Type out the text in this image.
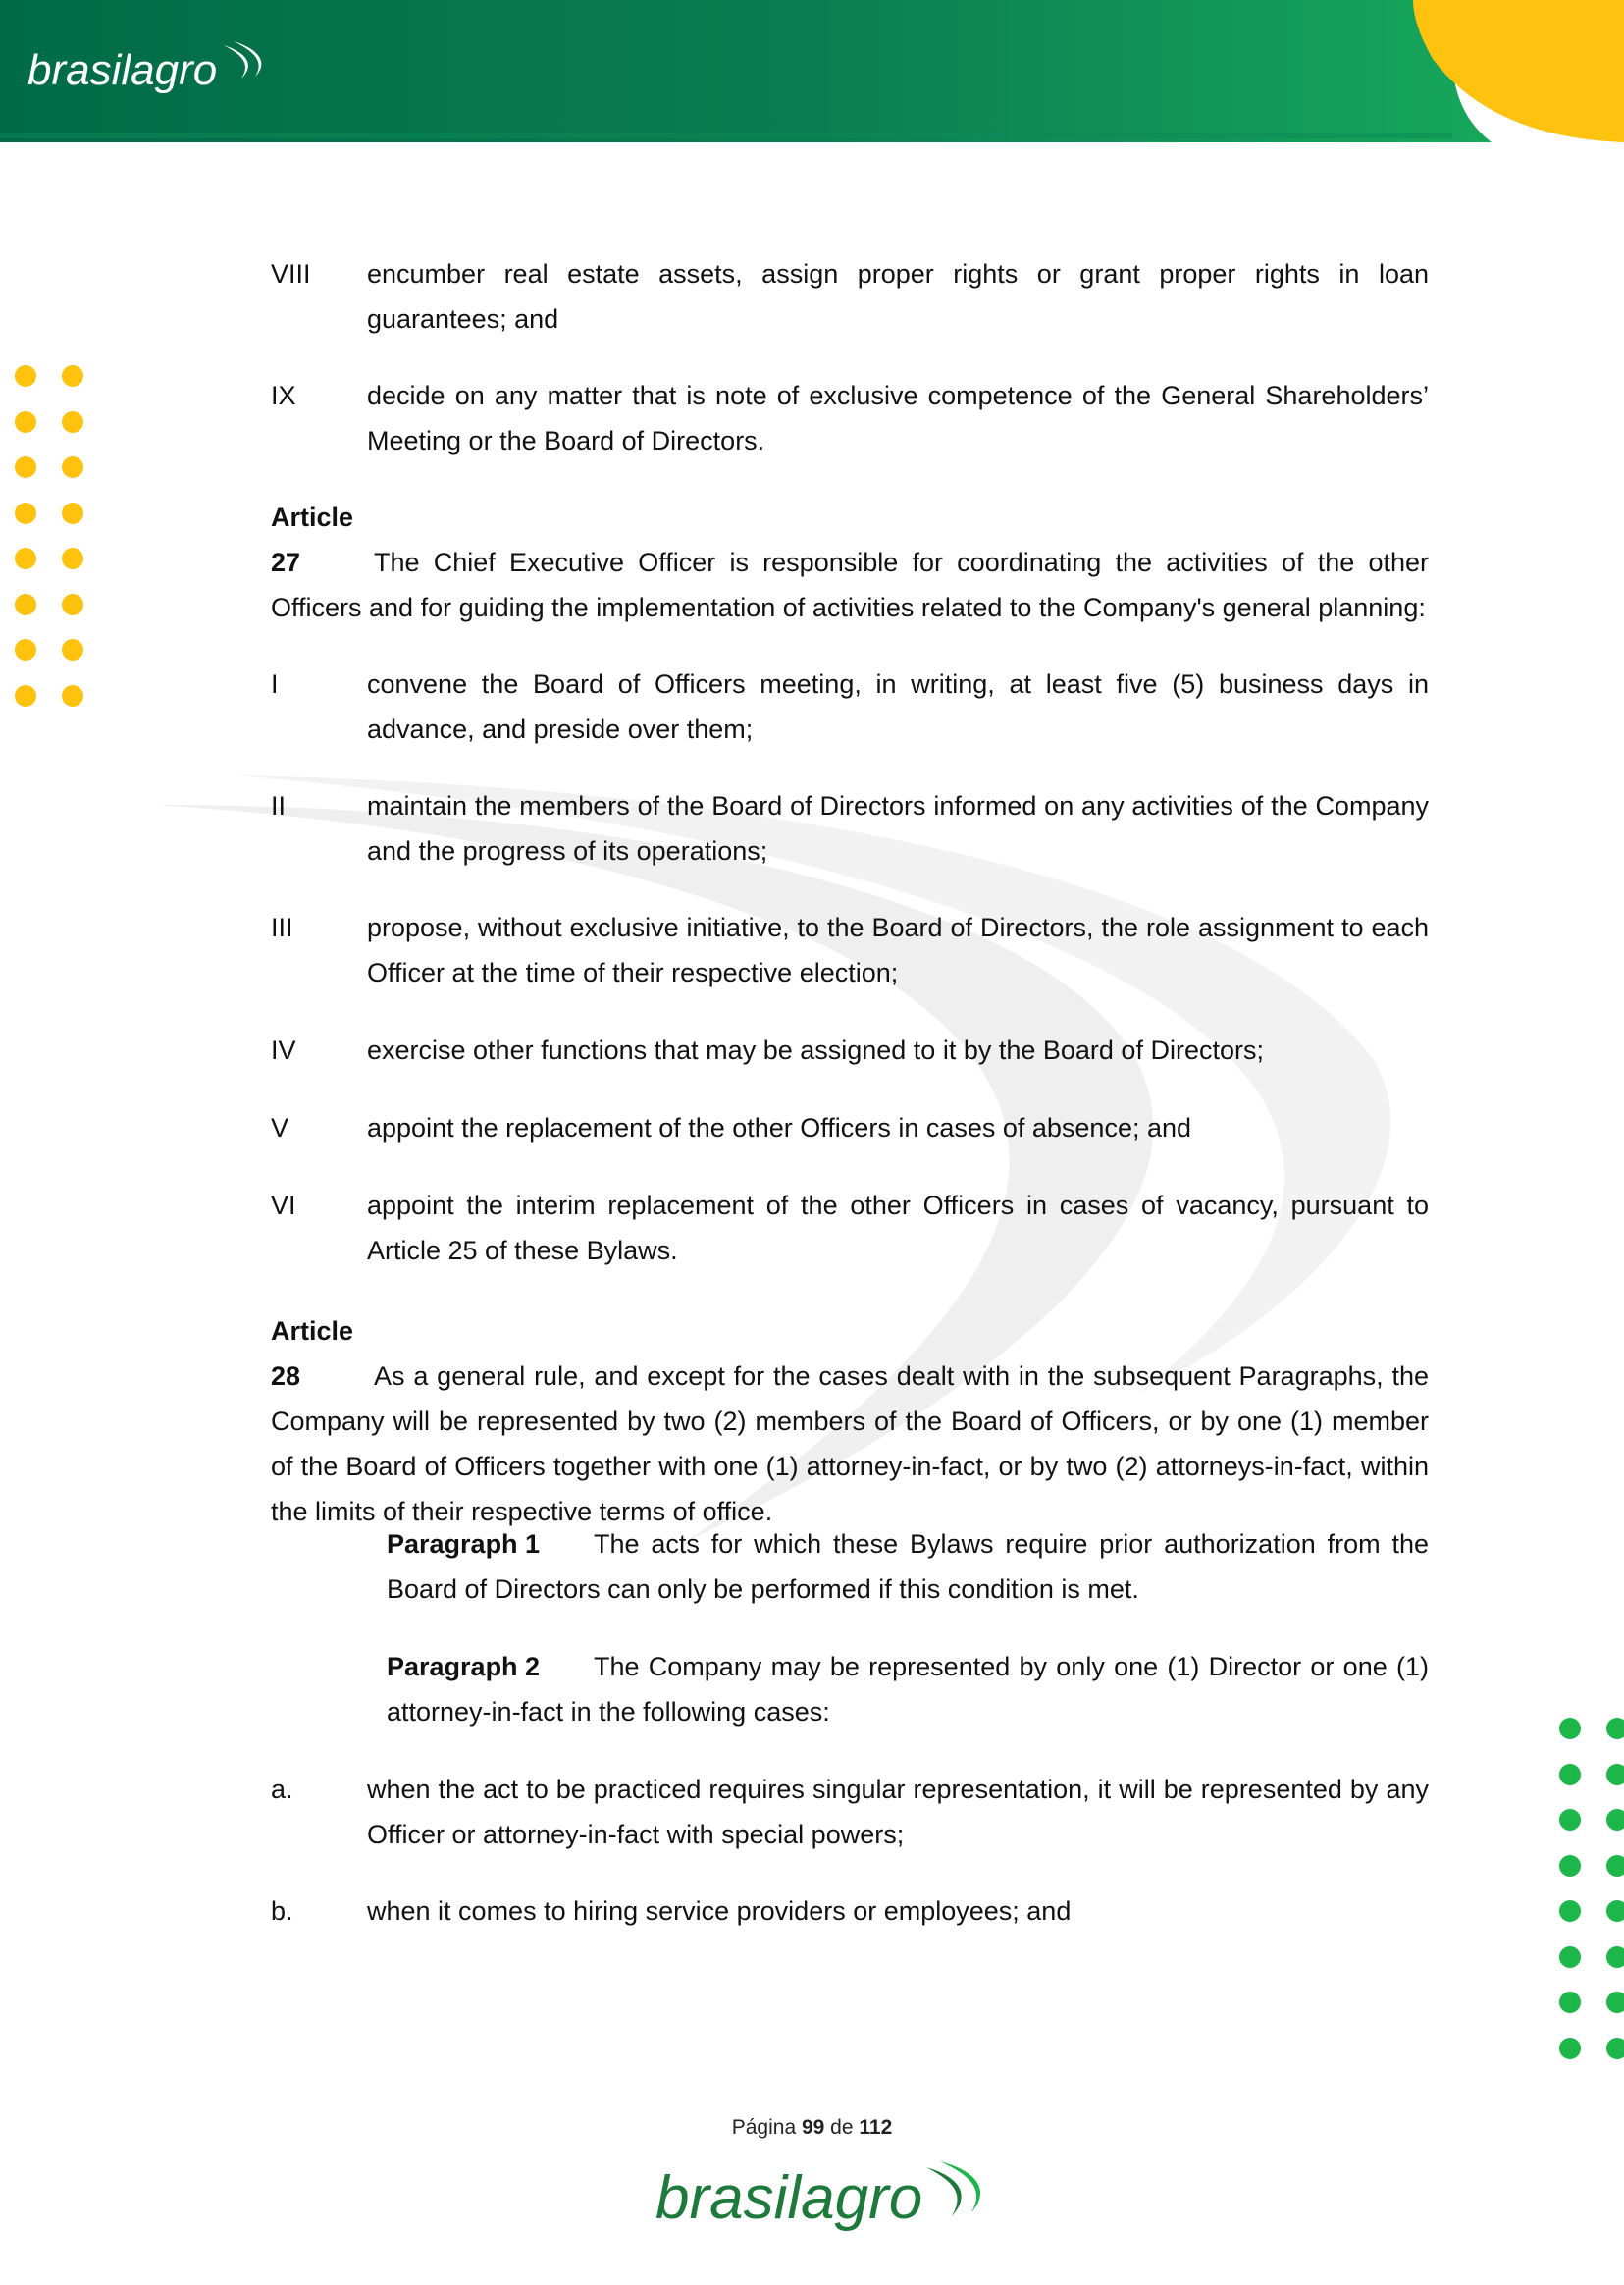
brasilagro
VIII encumber real estate assets, assign proper rights or grant proper rights in loan guarantees; and
IX	decide on any matter that is note of exclusive competence of the General Shareholders’ Meeting or the Board of Directors.
Article 27	The Chief Executive Officer is responsible for coordinating the activities of the other Officers and for guiding the implementation of activities related to the Company's general planning:
I	convene the Board of Officers meeting, in writing, at least five (5) business days in advance, and preside over them;
II	maintain the members of the Board of Directors informed on any activities of the Company and the progress of its operations;
III	propose, without exclusive initiative, to the Board of Directors, the role assignment to each Officer at the time of their respective election;
IV	exercise other functions that may be assigned to it by the Board of Directors;
V	appoint the replacement of the other Officers in cases of absence; and
VI	appoint the interim replacement of the other Officers in cases of vacancy, pursuant to Article 25 of these Bylaws.
Article 28	As a general rule, and except for the cases dealt with in the subsequent Paragraphs, the Company will be represented by two (2) members of the Board of Officers, or by one (1) member of the Board of Officers together with one (1) attorney-in-fact, or by two (2) attorneys-in-fact, within the limits of their respective terms of office.
Paragraph 1 The acts for which these Bylaws require prior authorization from the Board of Directors can only be performed if this condition is met.
Paragraph 2 The Company may be represented by only one (1) Director or one (1) attorney-in-fact in the following cases:
a.	when the act to be practiced requires singular representation, it will be represented by any Officer or attorney-in-fact with special powers;
b.	when it comes to hiring service providers or employees; and
Página 99 de 112
brasilagro
